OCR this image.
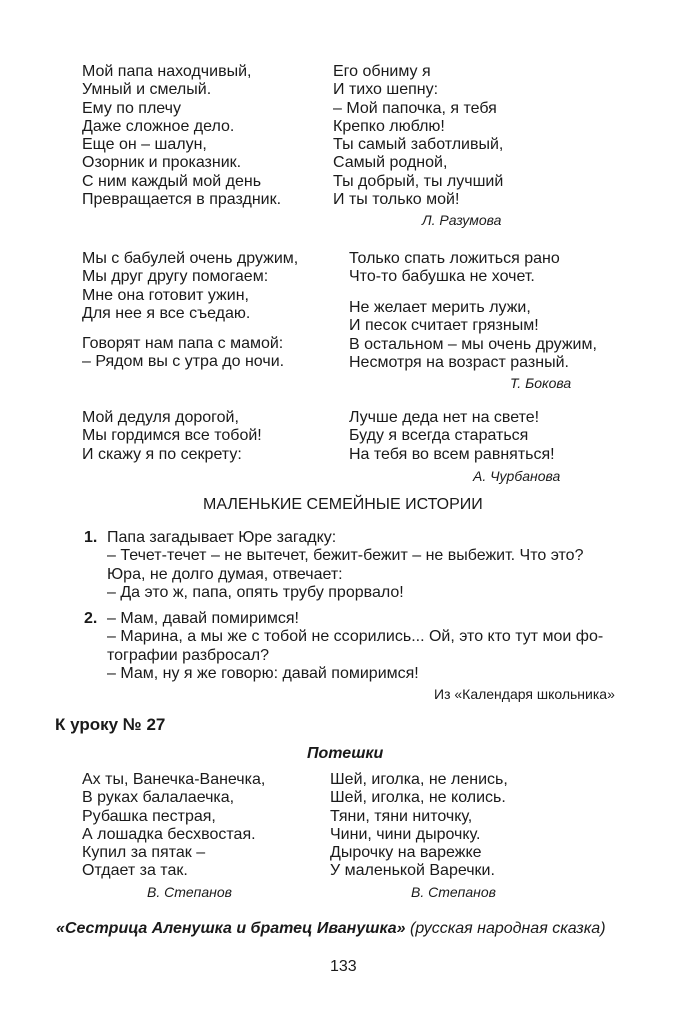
Мой папа находчивый,
Умный и смелый.
Ему по плечу
Даже сложное дело.
Еще он – шалун,
Озорник и проказник.
С ним каждый мой день
Превращается в праздник.
Его обниму я
И тихо шепну:
– Мой папочка, я тебя
Крепко люблю!
Ты самый заботливый,
Самый родной,
Ты добрый, ты лучший
И ты только мой!
Л. Разумова
Мы с бабулей очень дружим,
Мы друг другу помогаем:
Мне она готовит ужин,
Для нее я все съедаю.
Говорят нам папа с мамой:
– Рядом вы с утра до ночи.
Только спать ложиться рано
Что-то бабушка не хочет.
Не желает мерить лужи,
И песок считает грязным!
В остальном – мы очень дружим,
Несмотря на возраст разный.
Т. Бокова
Мой дедуля дорогой,
Мы гордимся все тобой!
И скажу я по секрету:
Лучше деда нет на свете!
Буду я всегда стараться
На тебя во всем равняться!
А. Чурбанова
МАЛЕНЬКИЕ СЕМЕЙНЫЕ ИСТОРИИ
1. Папа загадывает Юре загадку:
– Течет-течет – не вытечет, бежит-бежит – не выбежит. Что это?
Юра, не долго думая, отвечает:
– Да это ж, папа, опять трубу прорвало!
2. – Мам, давай помиримся!
– Марина, а мы же с тобой не ссорились... Ой, это кто тут мои фо-
тографии разбросал?
– Мам, ну я же говорю: давай помиримся!
Из «Календаря школьника»
К уроку № 27
Потешки
Ах ты, Ванечка-Ванечка,
В руках балалаечка,
Рубашка пестрая,
А лошадка бесхвостая.
Купил за пятак –
Отдает за так.
В. Степанов
Шей, иголка, не ленись,
Шей, иголка, не колись.
Тяни, тяни ниточку,
Чини, чини дырочку.
Дырочку на варежке
У маленькой Варечки.
В. Степанов
«Сестрица Аленушка и братец Иванушка» (русская народная сказка)
133
